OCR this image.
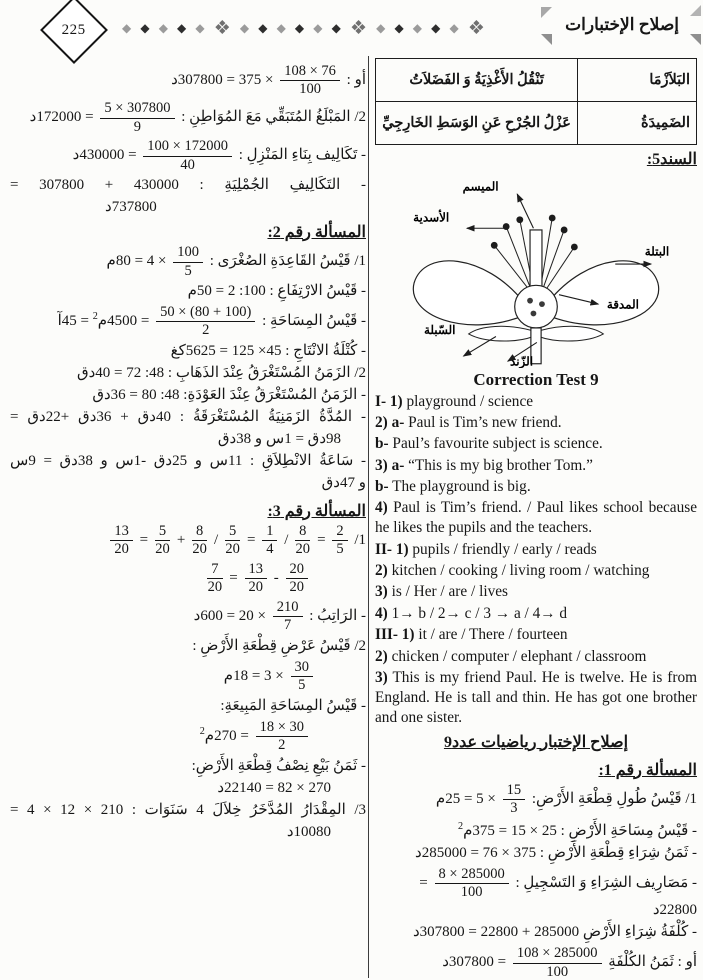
225	◆ ◆ ◆ ◆ ◆ ❖ ◆ ◆ ◆ ◆ ◆ ◆ ❖ ◆ ◆ ◆ ◆ ◆ ❖	إصلاح الإختبارات
البَلاَزْمَا	تَنْقُلُ الأَغْذِيَةُ وَ الفَضَلاَتُ
الضَمِيدَةُ	عَزْلُ الجُرْحِ عَنِ الوَسَطِ الخَارِجِيِّ
السند5:
الميسم
الأسدية
البتلة
المدقة
السّبلة
الزّند
Correction Test 9
I- 1) playground / science
2) a- Paul is Tim’s new friend.
b- Paul’s favourite subject is science.
3) a- “This is my big brother Tom.”
b- The playground is big.
4) Paul is Tim’s friend. / Paul likes school because he likes the pupils and the teachers.
II- 1) pupils / friendly / early / reads
2) kitchen / cooking / living room / watching
3) is / Her / are / lives
4) 1→ b / 2→ c / 3 → a / 4→ d
III- 1) it / are / There / fourteen
2) chicken / computer / elephant / classroom
3) This is my friend Paul. He is twelve. He is from England. He is tall and thin. He has got one brother and one sister.
إصلاح الإختبار رياضيات عدد9
المسألة رقم 1:
1/ قَيْسُ طُولِ قِطْعَةِ الأَرْضِ:
$\frac{15}{3}$
× 5 = 25م
- قَيْسُ مِسَاحَةِ الأَرْضِ : 25 × 15 = 375م$^2$
- ثَمَنُ شِرَاءِ قِطْعَةِ الأَرْضِ : 375 × 76 = 285000د
- مَصَارِيف الشِرَاءِ وَ التَسْجِيلِ :
$\frac{8 \times 285000}{100}$
= 22800د
- كُلْفَةُ شِرَاءِ الأَرْضِ 285000 + 22800 = 307800د
أو : ثَمَنُ الكُلْفَةِ
$\frac{108 \times 285000}{100}$
= 307800د
أو :
$\frac{108 \times 76}{100}$
× 375 = 307800د
2/ المَبْلَغُ المُتَبَقِّي مَعَ المُوَاطِنِ :
$\frac{5 \times 307800}{9}$
= 172000د
- تَكَالِيف بِنَاءِ المَنْزِلِ :
$\frac{100 \times 172000}{40}$
= 430000د
- التَكَالِيفِ الجُمْلِيَةِ : 430000 + 307800 =
737800د
المسألة رقم 2:
1/ قَيْسُ القَاعِدَةِ الصُغْرَى :
$\frac{100}{5}$
× 4 = 80م
- قَيْسُ الارْتِفَاعِ : 100: 2 = 50م
- قَيْسُ المِسَاحَةِ :
$\frac{50 \times (80 + 100)}{2}$
= 4500م$^2$ = 45آ
- كُتْلَةُ الانْتَاجِ : 45× 125 = 5625كغ
2/ الزَمَنُ المُسْتَغْرَقُ عِنْدَ الذَهَابِ : 48: 72 = 40دق
- الزَمَنُ المُسْتَغْرَقُ عِنْدَ العَوْدَةِ: 48: 80 = 36دق
- المُدَّةُ الزَمَنِيَةُ المُسْتَغْرَقَةُ : 40دق + 36دق +22دق =
98دق = 1س و 38دق
- سَاعَةُ الانْطِلاَقِ : 11س و 25دق -1س و 38دق = 9س
و 47دق
المسألة رقم 3:
1/
$\frac{2}{5}$
=
$\frac{8}{20}$
/
$\frac{1}{4}$
=
$\frac{5}{20}$
/
$\frac{8}{20}$
+
$\frac{5}{20}$
=
$\frac{13}{20}$
$\frac{20}{20}$
-
$\frac{13}{20}$
=
$\frac{7}{20}$
- الرَاتِبُ :
$\frac{210}{7}$
× 20 = 600د
2/ قَيْسُ عَرْضِ قِطْعَةِ الأَرْضِ :
$\frac{30}{5}$
× 3 = 18م
- قَيْسُ المِسَاحَةِ المَبِيعَةِ:
$\frac{18 \times 30}{2}$
= 270م$^2$
- ثَمَنُ بَيْعِ نِصْفُ قِطْعَةِ الأَرْضِ:
270 × 82 = 22140د
3/ المِقْدَارُ المُدَّخَرُ خِلاَلَ 4 سَنَوَات : 210 × 12 × 4 =
10080د
